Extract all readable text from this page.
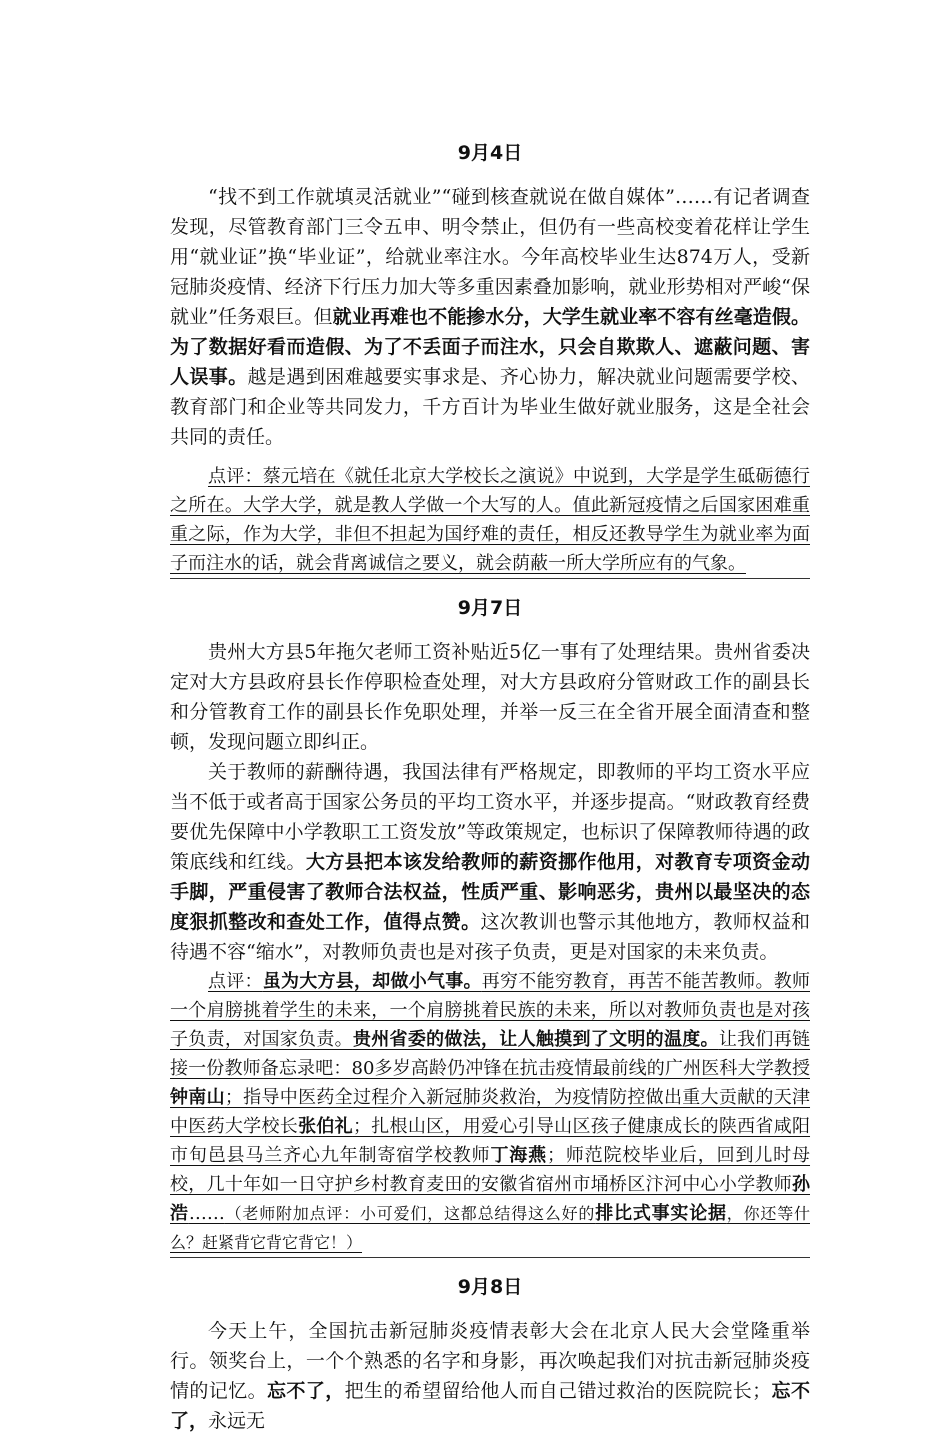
9月4日

“找不到工作就填灵活就业”“碰到核查就说在做自媒体”……有记者调查发现，尽管教育部门三令五申、明令禁止，但仍有一些高校变着花样让学生用“就业证”换“毕业证”，给就业率注水。今年高校毕业生达874万人，受新冠肺炎疫情、经济下行压力加大等多重因素叠加影响，就业形势相对严峻“保就业”任务艰巨。但就业再难也不能掺水分，大学生就业率不容有丝毫造假。为了数据好看而造假、为了不丢面子而注水，只会自欺欺人、遮蔽问题、害人误事。越是遇到困难越要实事求是、齐心协力，解决就业问题需要学校、教育部门和企业等共同发力，千方百计为毕业生做好就业服务，这是全社会共同的责任。

点评：蔡元培在《就任北京大学校长之演说》中说到，大学是学生砥砺德行之所在。大学大学，就是教人学做一个大写的人。值此新冠疫情之后国家困难重重之际，作为大学，非但不担起为国纾难的责任，相反还教导学生为就业率为面子而注水的话，就会背离诚信之要义，就会荫蔽一所大学所应有的气象。
9月7日

贵州大方县5年拖欠老师工资补贴近5亿一事有了处理结果。贵州省委决定对大方县政府县长作停职检查处理，对大方县政府分管财政工作的副县长和分管教育工作的副县长作免职处理，并举一反三在全省开展全面清查和整顿，发现问题立即纠正。

关于教师的薪酬待遇，我国法律有严格规定，即教师的平均工资水平应当不低于或者高于国家公务员的平均工资水平，并逐步提高。“财政教育经费要优先保障中小学教职工工资发放”等政策规定，也标识了保障教师待遇的政策底线和红线。大方县把本该发给教师的薪资挪作他用，对教育专项资金动手脚，严重侵害了教师合法权益，性质严重、影响恶劣，贵州以最坚决的态度狠抓整改和查处工作，值得点赞。这次教训也警示其他地方，教师权益和待遇不容“缩水”，对教师负责也是对孩子负责，更是对国家的未来负责。

点评：虽为大方县，却做小气事。再穷不能穷教育，再苦不能苦教师。教师一个肩膀挑着学生的未来，一个肩膀挑着民族的未来，所以对教师负责也是对孩子负责，对国家负责。贵州省委的做法，让人触摸到了文明的温度。让我们再链接一份教师备忘录吧：80多岁高龄仍冲锋在抗击疫情最前线的广州医科大学教授钟南山；指导中医药全过程介入新冠肺炎救治，为疫情防控做出重大贡献的天津中医药大学校长张伯礼；扎根山区，用爱心引导山区孩子健康成长的陕西省咸阳市旬邑县马兰齐心九年制寄宿学校教师丁海燕；师范院校毕业后，回到儿时母校，几十年如一日守护乡村教育麦田的安徽省宿州市埇桥区汴河中心小学教师孙浩……（老师附加点评：小可爱们，这都总结得这么好的排比式事实论据，你还等什么？赶紧背它背它背它！）
9月8日

今天上午，全国抗击新冠肺炎疫情表彰大会在北京人民大会堂隆重举行。领奖台上，一个个熟悉的名字和身影，再次唤起我们对抗击新冠肺炎疫情的记忆。忘不了，把生的希望留给他人而自己错过救治的医院院长；忘不了，永远无
